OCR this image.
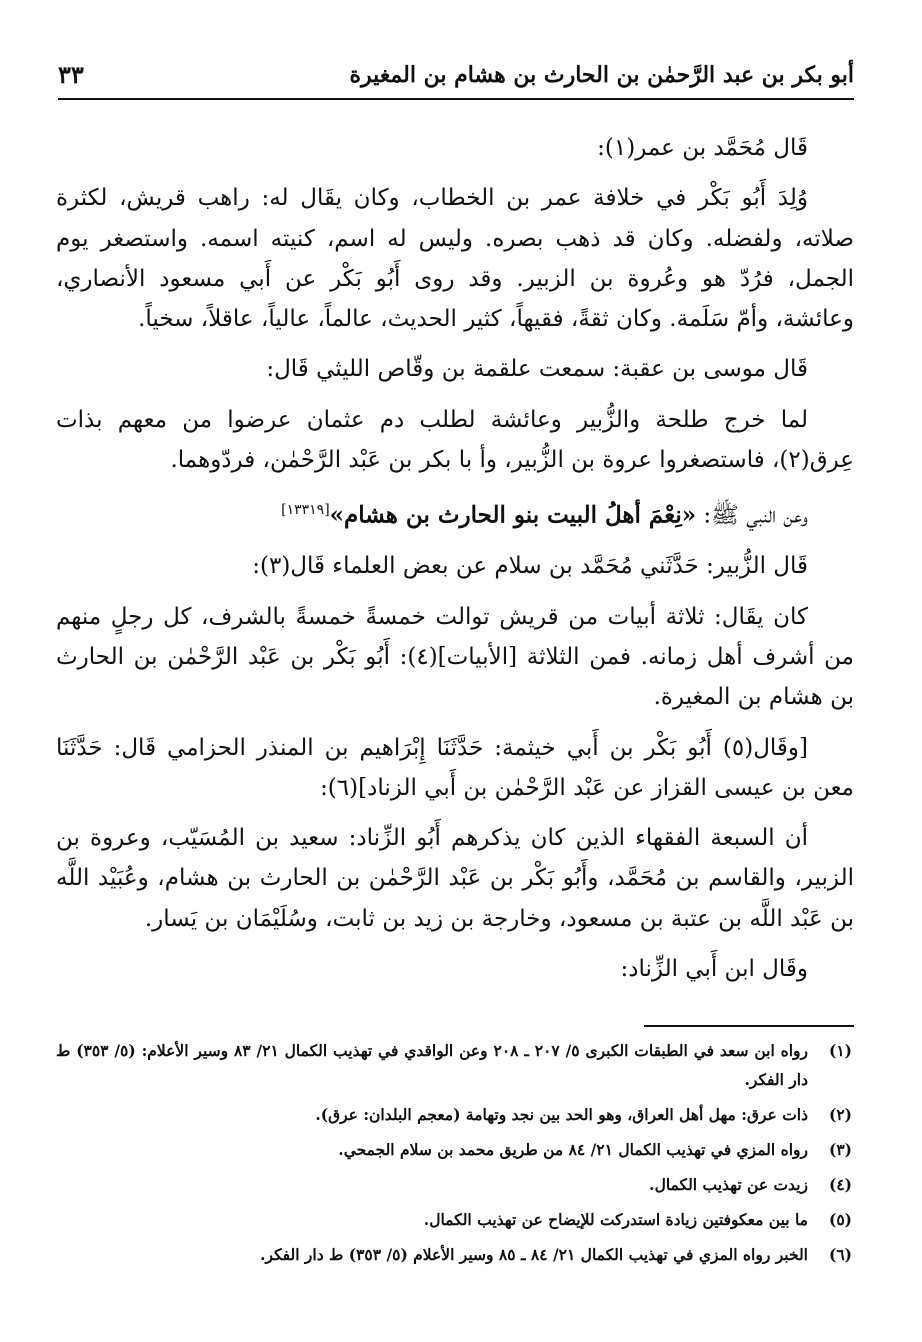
أبو بكر بن عبد الرَّحمٰن بن الحارث بن هشام بن المغيرة
٣٣

قَال مُحَمَّد بن عمر(١):

وُلِدَ أَبُو بَكْر في خلافة عمر بن الخطاب، وكان يقَال له: راهب قريش، لكثرة صلاته، ولفضله. وكان قد ذهب بصره. وليس له اسم، كنيته اسمه. واستصغر يوم الجمل، فرُدّ هو وعُروة بن الزبير. وقد روى أَبُو بَكْر عن أَبي مسعود الأنصاري، وعائشة، وأمّ سَلَمة. وكان ثقةً، فقيهاً، كثير الحديث، عالماً، عالياً، عاقلاً، سخياً.

قَال موسى بن عقبة: سمعت علقمة بن وقّاص الليثي قَال:

لما خرج طلحة والزُّبير وعائشة لطلب دم عثمان عرضوا من معهم بذات عِرق(٢)، فاستصغروا عروة بن الزُّبير، وأ با بكر بن عَبْد الرَّحْمٰن، فردّوهما.

وعن النبي ﷺ: «نِعْمَ أهلُ البيت بنو الحارث بن هشام»[١٣٣١٩]

قَال الزُّبير: حَدَّثَني مُحَمَّد بن سلام عن بعض العلماء قَال(٣):

كان يقَال: ثلاثة أبيات من قريش توالت خمسةً خمسةً بالشرف، كل رجلٍ منهم من أشرف أهل زمانه. فمن الثلاثة [الأبيات](٤): أَبُو بَكْر بن عَبْد الرَّحْمٰن بن الحارث بن هشام بن المغيرة.

[وقَال(٥) أَبُو بَكْر بن أَبي خيثمة: حَدَّثَنَا إِبْرَاهيم بن المنذر الحزامي قَال: حَدَّثَنَا معن بن عيسى القزاز عن عَبْد الرَّحْمٰن بن أَبي الزناد](٦):

أن السبعة الفقهاء الذين كان يذكرهم أَبُو الزِّناد: سعيد بن المُسَيّب، وعروة بن الزبير، والقاسم بن مُحَمَّد، وأَبُو بَكْر بن عَبْد الرَّحْمٰن بن الحارث بن هشام، وعُبَيْد اللَّه بن عَبْد اللَّه بن عتبة بن مسعود، وخارجة بن زيد بن ثابت، وسُلَيْمَان بن يَسار.

وقَال ابن أَبي الزِّناد:

(١)
رواه ابن سعد في الطبقات الكبرى ٥/ ٢٠٧ ـ ٢٠٨ وعن الواقدي في تهذيب الكمال ٢١/ ٨٣ وسير الأعلام: (٥/ ٣٥٣) ط دار الفكر.
(٢)
ذات عرق: مهل أهل العراق، وهو الحد بين نجد وتهامة (معجم البلدان: عرق).
(٣)
رواه المزي في تهذيب الكمال ٢١/ ٨٤ من طريق محمد بن سلام الجمحي.
(٤)
زيدت عن تهذيب الكمال.
(٥)
ما بين معكوفتين زيادة استدركت للإيضاح عن تهذيب الكمال.
(٦)
الخبر رواه المزي في تهذيب الكمال ٢١/ ٨٤ ـ ٨٥ وسير الأعلام (٥/ ٣٥٣) ط دار الفكر.
